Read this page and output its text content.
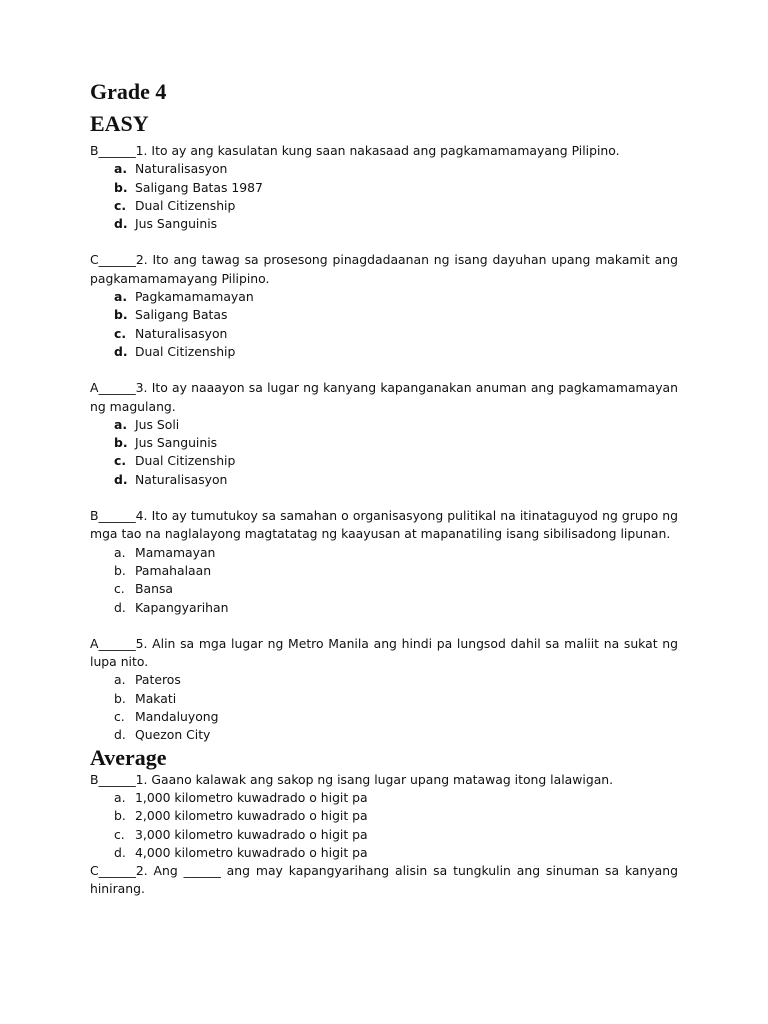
Grade 4
EASY
B______1. Ito ay ang kasulatan kung saan nakasaad ang pagkamamamayang Pilipino.
a. Naturalisasyon
b. Saligang Batas 1987
c. Dual Citizenship
d. Jus Sanguinis
C______2. Ito ang tawag sa prosesong pinagdadaanan ng isang dayuhan upang makamit ang pagkamamamayang Pilipino.
a. Pagkamamamayan
b. Saligang Batas
c. Naturalisasyon
d. Dual Citizenship
A______3. Ito ay naaayon sa lugar ng kanyang kapanganakan anuman ang pagkamamamayan ng magulang.
a. Jus Soli
b. Jus Sanguinis
c. Dual Citizenship
d. Naturalisasyon
B______4. Ito ay tumutukoy sa samahan o organisasyong pulitikal na itinataguyod ng grupo ng mga tao na naglalayong magtatatag ng kaayusan at mapanatiling isang sibilisadong lipunan.
a. Mamamayan
b. Pamahalaan
c. Bansa
d. Kapangyarihan
A______5. Alin sa mga lugar ng Metro Manila ang hindi pa lungsod dahil sa maliit na sukat ng lupa nito.
a. Pateros
b. Makati
c. Mandaluyong
d. Quezon City
Average
B______1. Gaano kalawak ang sakop ng isang lugar upang matawag itong lalawigan.
a. 1,000 kilometro kuwadrado o higit pa
b. 2,000 kilometro kuwadrado o higit pa
c. 3,000 kilometro kuwadrado o higit pa
d. 4,000 kilometro kuwadrado o higit pa
C______2. Ang ______ ang may kapangyarihang alisin sa tungkulin ang sinuman sa kanyang hinirang.
